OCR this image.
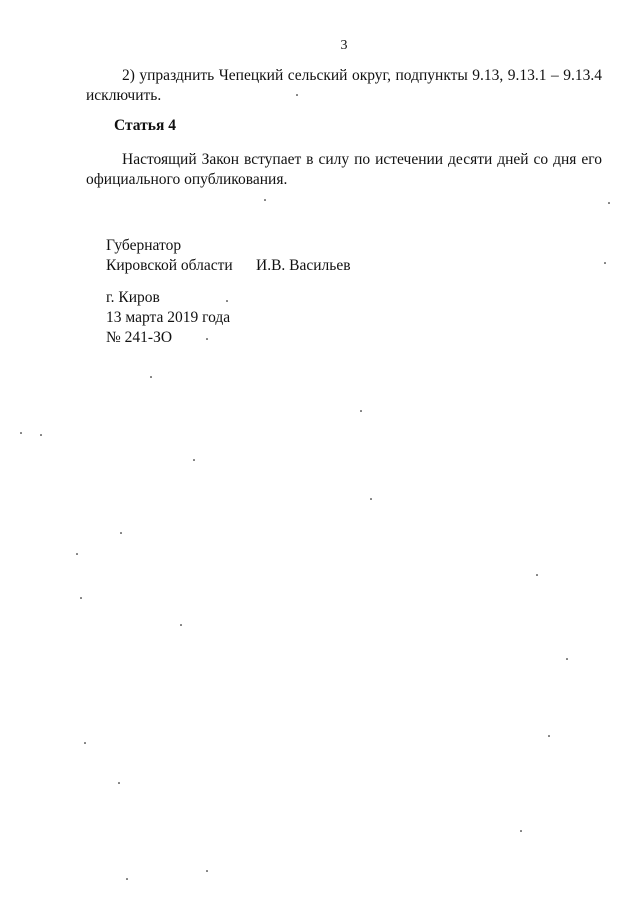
3

2) упразднить Чепецкий сельский округ, подпункты 9.13, 9.13.1 – 9.13.4 исключить.

Статья 4

Настоящий Закон вступает в силу по истечении десяти дней со дня его официального опубликования.

Губернатор
Кировской области И.В. Васильев
г. Киров
13 марта 2019 года
№ 241-ЗО
